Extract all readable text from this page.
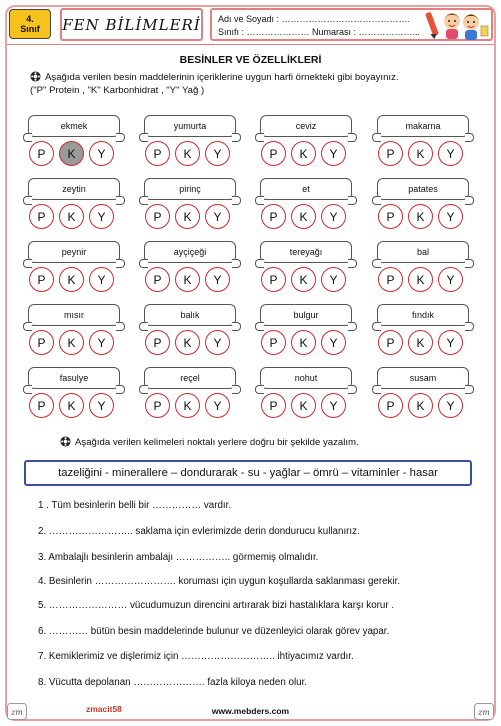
4.
Sınıf FEN BİLİMLERİ Adı ve Soyadı : …………………………………….
Sınıfı : ………………… Numarası : ………………...
BESİNLER VE ÖZELLİKLERİ
Aşağıda verilen besin maddelerinin içeriklerine uygun harfi örnekteki gibi boyayınız.
("P" Protein , "K" Karbonhidrat , "Y" Yağ )
ekmek
P	K	Y
yumurta
P	K	Y
ceviz
P	K	Y
makarna
P	K	Y
zeytin
P	K	Y
pirinç
P	K	Y
et
P	K	Y
patates
P	K	Y
peynir
P	K	Y
ayçiçeği
P	K	Y
tereyağı
P	K	Y
bal
P	K	Y
mısır
P	K	Y
balık
P	K	Y
bulgur
P	K	Y
fındık
P	K	Y
fasulye
P	K	Y
reçel
P	K	Y
nohut
P	K	Y
susam
P	K	Y
Aşağıda verilen kelimeleri noktalı yerlere doğru bir şekilde yazalım.
tazeliğini - minerallere – dondurarak - su - yağlar – ömrü – vitaminler - hasar
1 . Tüm besinlerin belli bir …………… vardır.
2. …………………….. saklama için evlerimizde derin dondurucu kullanırız.
3. Ambalajlı besinlerin ambalajı …………….. görmemiş olmalıdır.
4. Besinlerin ……………………. koruması için uygun koşullarda saklanması gerekir.
5. …………………… vücudumuzun direncini artırarak bizi hastalıklara karşı korur .
6. ………… bütün besin maddelerinde bulunur ve düzenleyici olarak görev yapar.
7. Kemiklerimiz ve dişlerimiz için ……………………….. ihtiyacımız vardır.
8. Vücutta depolanan …………………. fazla kiloya neden olur.
zm	zmacit58	www.mebders.com	zm
